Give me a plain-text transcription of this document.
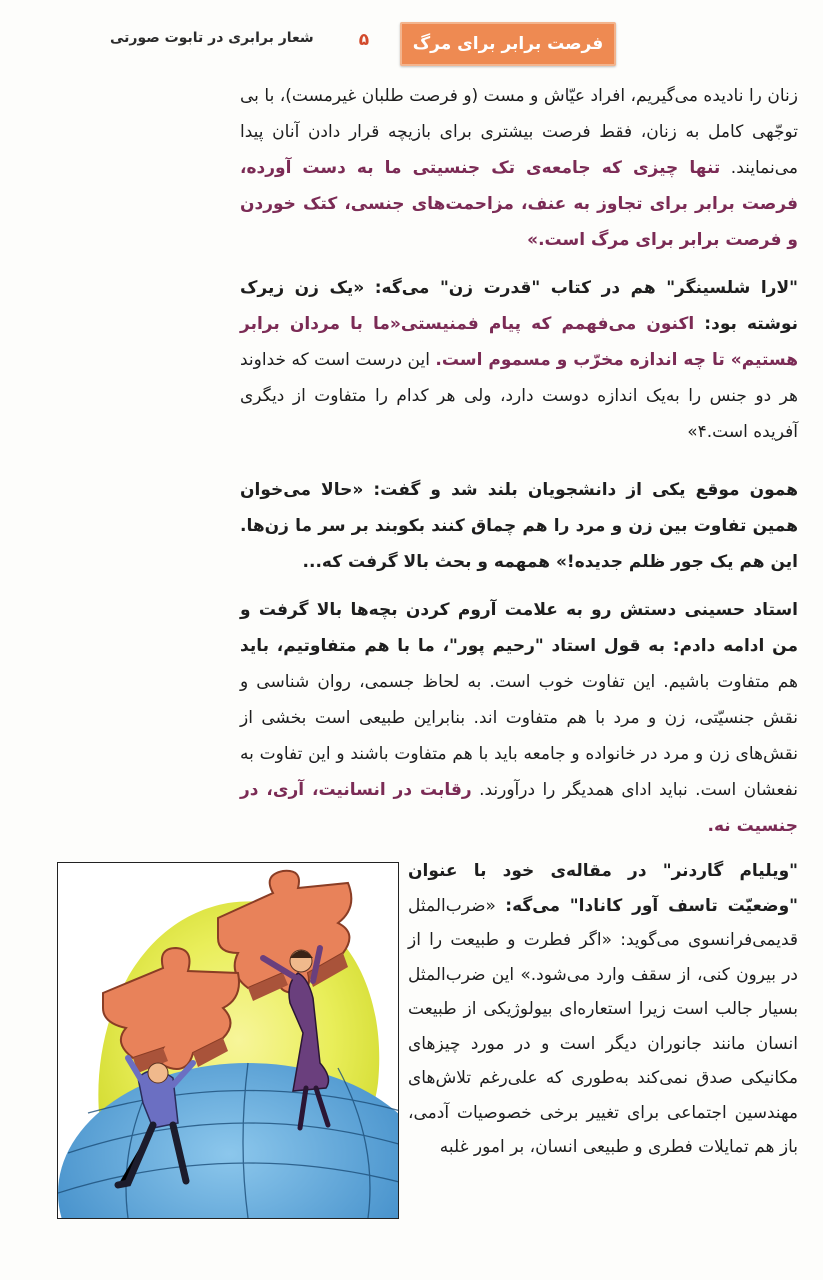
فرصت برابر برای مرگ
۵
شعار برابری در تابوت صورتی
زنان را نادیده می‌گیریم، افراد عیّاش و مست (و فرصت طلبان غیرمست)، با بی توجّهی کامل به زنان، فقط فرصت بیشتری برای بازیچه قرار دادن آنان پیدا می‌نمایند. تنها چیزی که جامعه‌ی تک جنسیتی ما به دست آورده، فرصت برابر برای تجاوز به عنف، مزاحمت‌های جنسی، کتک خوردن و فرصت برابر برای مرگ است.»
"لارا شلسینگر" هم در کتاب "قدرت زن" می‌گه: «یک زن زیرک نوشته بود: اکنون می‌فهمم که پیام فمنیستی«ما با مردان برابر هستیم» تا چه اندازه مخرّب و مسموم است. این درست است که خداوند هر دو جنس را به‌یک اندازه دوست دارد، ولی هر کدام را متفاوت از دیگری آفریده است.۴»
همون موقع یکی از دانشجویان بلند شد و گفت: «حالا می‌خوان همین تفاوت بین زن و مرد را هم چماق کنند بکوبند بر سر ما زن‌ها. این هم یک جور ظلم جدیده!» همهمه و بحث بالا گرفت که...
استاد حسینی دستش رو به علامت آروم کردن بچه‌ها بالا گرفت و من ادامه دادم: به قول استاد "رحیم پور"، ما با هم متفاوتیم، باید هم متفاوت باشیم. این تفاوت خوب است. به لحاظ جسمی، روان شناسی و نقش جنسیّتی، زن و مرد با هم متفاوت اند. بنابراین طبیعی است بخشی از نقش‌های زن و مرد در خانواده و جامعه باید با هم متفاوت باشند و این تفاوت به نفعشان است. نباید ادای همدیگر را درآورند. رقابت در انسانیت، آری، در جنسیت نه.
"ویلیام گاردنر" در مقاله‌ی خود با عنوان "وضعیّت تاسف آور کانادا" می‌گه: «ضرب‌المثل قدیمی‌فرانسوی می‌گوید: «اگر فطرت و طبیعت را از در بیرون کنی، از سقف وارد می‌شود.» این ضرب‌المثل بسیار جالب است زیرا استعاره‌ای بیولوژیکی از طبیعت انسان مانند جانوران دیگر است و در مورد چیزهای مکانیکی صدق نمی‌کند به‌طوری که علی‌رغم تلاش‌های مهندسین اجتماعی برای تغییر برخی خصوصیات آدمی، باز هم تمایلات فطری و طبیعی انسان، بر امور غلبه
